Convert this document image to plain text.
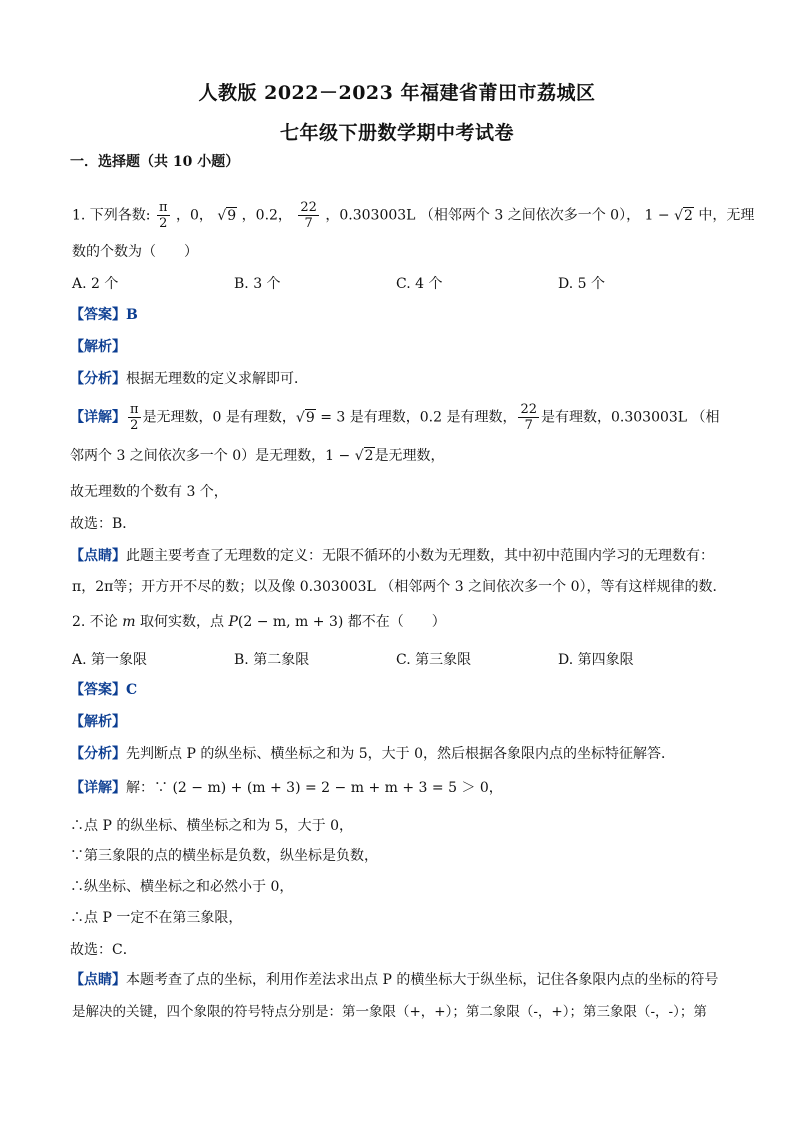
人教版 2022－2023 年福建省莆田市荔城区
七年级下册数学期中考试卷
一．选择题（共 10 小题）
1. 下列各数: $\frac{\pi}{2}$ ，0， √9 ，0.2， $\frac{22}{7}$ ，0.303003L （相邻两个 3 之间依次多一个 0）， 1 − √2 中，无理
数的个数为（　　）
A. 2 个	B. 3 个	C. 4 个	D. 5 个
【答案】B
【解析】
【分析】根据无理数的定义求解即可．
【详解】 $\frac{\pi}{2}$ 是无理数，0 是有理数，√9 = 3 是有理数，0.2 是有理数， $\frac{22}{7}$ 是有理数，0.303003L （相
邻两个 3 之间依次多一个 0）是无理数，1 − √2是无理数，
故无理数的个数有 3 个，
故选：B．
【点睛】此题主要考查了无理数的定义：无限不循环的小数为无理数，其中初中范围内学习的无理数有：
π，2π等；开方开不尽的数；以及像 0.303003L （相邻两个 3 之间依次多一个 0），等有这样规律的数．
2. 不论 m 取何实数，点 P(2 − m, m + 3) 都不在（　　）
A. 第一象限	B. 第二象限	C. 第三象限	D. 第四象限
【答案】C
【解析】
【分析】先判断点 P 的纵坐标、横坐标之和为 5，大于 0，然后根据各象限内点的坐标特征解答．
【详解】解：∵ (2 − m) + (m + 3) = 2 − m + m + 3 = 5 ＞ 0，
∴点 P 的纵坐标、横坐标之和为 5，大于 0，
∵第三象限的点的横坐标是负数，纵坐标是负数，
∴纵坐标、横坐标之和必然小于 0，
∴点 P 一定不在第三象限，
故选：C．
【点睛】本题考查了点的坐标，利用作差法求出点 P 的横坐标大于纵坐标，记住各象限内点的坐标的符号
是解决的关键，四个象限的符号特点分别是：第一象限（+，+）；第二象限（-，+）；第三象限（-，-）；第
